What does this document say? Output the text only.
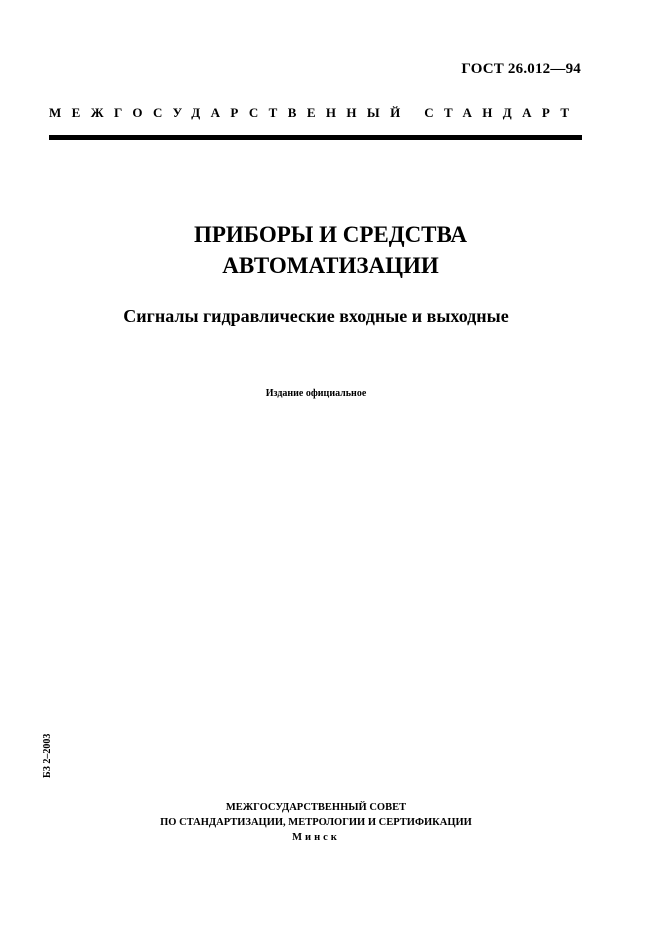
ГОСТ 26.012—94
МЕЖГОСУДАРСТВЕННЫЙ СТАНДАРТ
ПРИБОРЫ И СРЕДСТВА
АВТОМАТИЗАЦИИ
Сигналы гидравлические входные и выходные
Издание официальное
БЗ 2–2003
МЕЖГОСУДАРСТВЕННЫЙ СОВЕТ
ПО СТАНДАРТИЗАЦИИ, МЕТРОЛОГИИ И СЕРТИФИКАЦИИ
Минск
